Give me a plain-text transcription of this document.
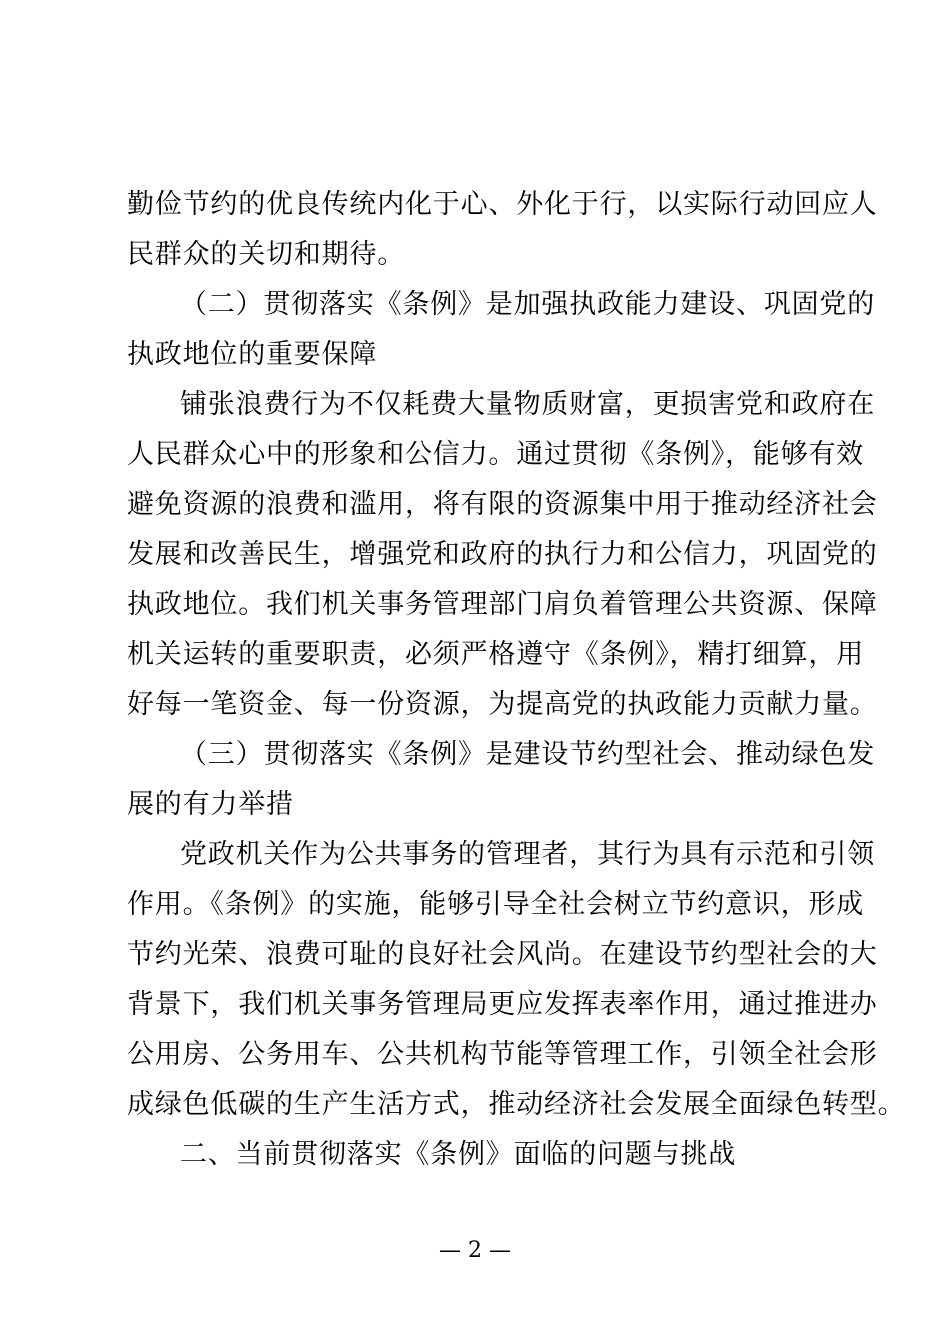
勤俭节约的优良传统内化于心、外化于行，以实际行动回应人
民群众的关切和期待。
（二）贯彻落实《条例》是加强执政能力建设、巩固党的
执政地位的重要保障
铺张浪费行为不仅耗费大量物质财富，更损害党和政府在
人民群众心中的形象和公信力。通过贯彻《条例》，能够有效
避免资源的浪费和滥用，将有限的资源集中用于推动经济社会
发展和改善民生，增强党和政府的执行力和公信力，巩固党的
执政地位。我们机关事务管理部门肩负着管理公共资源、保障
机关运转的重要职责，必须严格遵守《条例》，精打细算，用
好每一笔资金、每一份资源，为提高党的执政能力贡献力量。
（三）贯彻落实《条例》是建设节约型社会、推动绿色发
展的有力举措
党政机关作为公共事务的管理者，其行为具有示范和引领
作用。《条例》的实施，能够引导全社会树立节约意识，形成
节约光荣、浪费可耻的良好社会风尚。在建设节约型社会的大
背景下，我们机关事务管理局更应发挥表率作用，通过推进办
公用房、公务用车、公共机构节能等管理工作，引领全社会形
成绿色低碳的生产生活方式，推动经济社会发展全面绿色转型。
二、当前贯彻落实《条例》面临的问题与挑战
— 2 —
